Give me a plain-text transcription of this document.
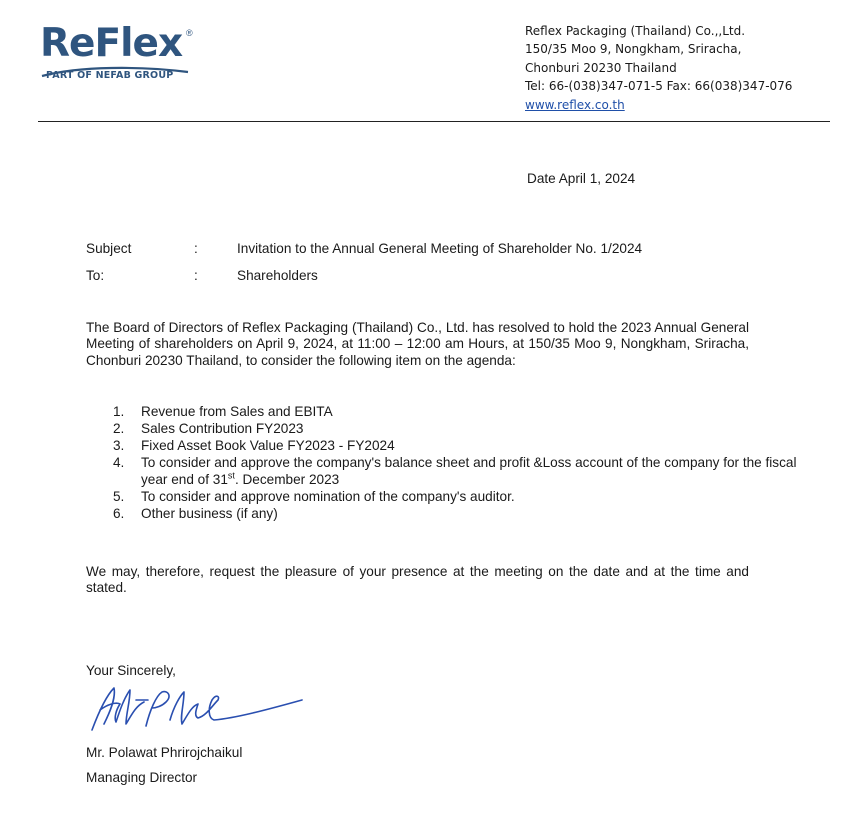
ReFlex ®
PART OF NEFAB GROUP
Reflex Packaging (Thailand) Co.,,Ltd.
150/35 Moo 9, Nongkham, Sriracha,
Chonburi 20230 Thailand
Tel: 66-(038)347-071-5 Fax: 66(038)347-076
www.reflex.co.th
Date April 1, 2024
Subject	:	Invitation to the Annual General Meeting of Shareholder No. 1/2024
To:	:	Shareholders
The Board of Directors of Reflex Packaging (Thailand) Co., Ltd. has resolved to hold the 2023 Annual General Meeting of shareholders on April 9, 2024, at 11:00 – 12:00 am Hours, at 150/35 Moo 9, Nongkham, Sriracha, Chonburi 20230 Thailand, to consider the following item on the agenda:
1. Revenue from Sales and EBITA
2. Sales Contribution FY2023
3. Fixed Asset Book Value FY2023 - FY2024
4. To consider and approve the company's balance sheet and profit &Loss account of the company for the fiscal year end of 31st. December 2023
5. To consider and approve nomination of the company's auditor.
6. Other business (if any)
We may, therefore, request the pleasure of your presence at the meeting on the date and at the time and stated.
Your Sincerely,
Mr. Polawat Phrirojchaikul
Managing Director
